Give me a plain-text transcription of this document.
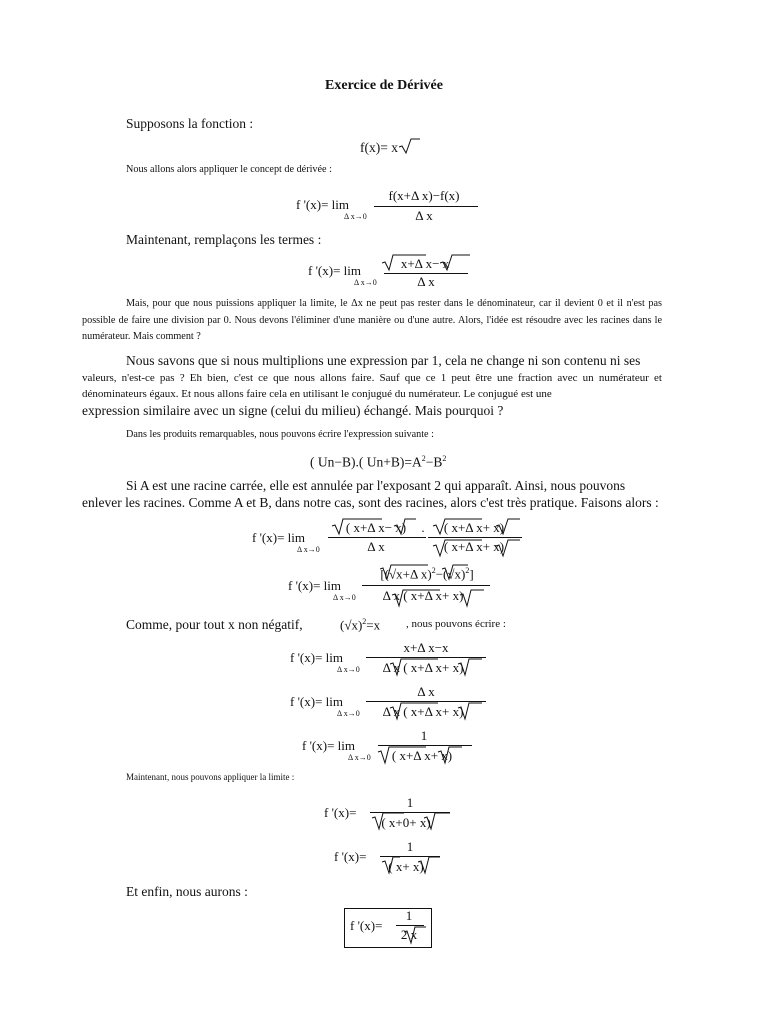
Exercice de Dérivée
Supposons la fonction :
f(x)= x
Nous allons alors appliquer le concept de dérivée :
f '(x)= lim
Δ x→0
f(x+Δ x)−f(x)
Δ x
Maintenant, remplaçons les termes :
f '(x)= lim
Δ x→0
x+Δ x− x
Δ x
Mais, pour que nous puissions appliquer la limite, le Δx ne peut pas rester dans le dénominateur, car il devient 0 et il n'est pas possible de faire une division par 0. Nous devons l'éliminer d'une manière ou d'une autre. Alors, l'idée est résoudre avec les racines dans le numérateur. Mais comment ?
Nous savons que si nous multiplions une expression par 1, cela ne change ni son contenu ni ses
valeurs, n'est-ce pas ? Eh bien, c'est ce que nous allons faire. Sauf que ce 1 peut être une fraction avec un numérateur et dénominateurs égaux. Et nous allons faire cela en utilisant le conjugué du numérateur. Le conjugué est une
expression similaire avec un signe (celui du milieu) échangé. Mais pourquoi ?
Dans les produits remarquables, nous pouvons écrire l'expression suivante :
( Un−B).( $Un+B)=A^2-B^2$
Si A est une racine carrée, elle est annulée par l'exposant 2 qui apparaît. Ainsi, nous pouvons enlever les racines. Comme A et B, dans notre cas, sont des racines, alors c'est très pratique. Faisons alors :
f '(x)= lim
Δ x→0
( x+Δ x− x)
Δ x
.	( x+Δ x+ x)
( x+Δ x+ x)
f '(x)= lim
Δ x→0
[(√x+Δ $x)^2-(√x)^2$]
Δ x ( x+Δ x+ x)
Comme, pour tout x non négatif,	$(√x)^2=x$ , nous pouvons écrire :
f '(x)= lim
Δ x→0
x+Δ x−x
Δ x ( x+Δ x+ x)
f '(x)= lim
Δ x→0
Δ x
Δ x ( x+Δ x+ x)
f '(x)= lim
Δ x→0
1
( x+Δ x+ x)
Maintenant, nous pouvons appliquer la limite :
f '(x)=
1
( x+0+ x)
f '(x)=
1
( x+ x)
Et enfin, nous aurons :
f '(x)=
1
2 x
